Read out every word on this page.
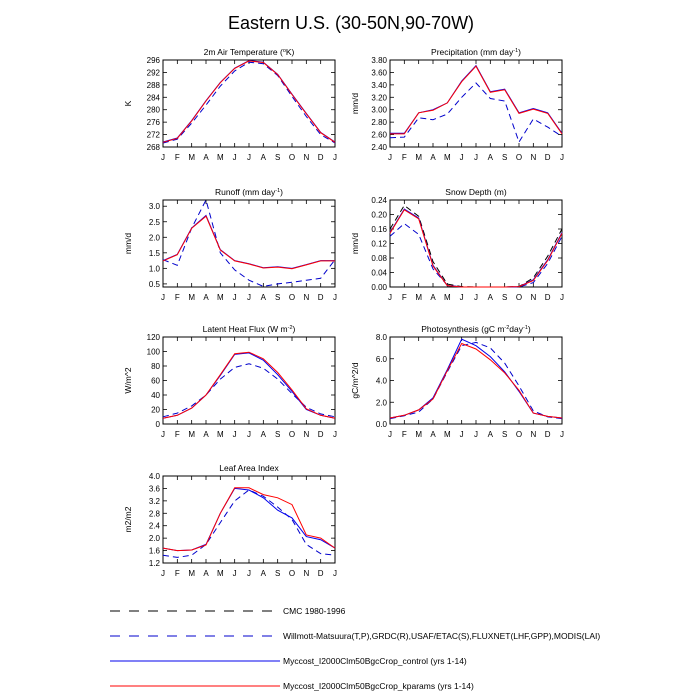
Eastern U.S. (30-50N,90-70W)
2m Air Temperature ($^o$K)
268
272
276
280
284
288
292
296
K
J F M A M J J A S O N D J
Precipitation (mm day$^{-1}$)
2.40
2.60
2.80
3.00
3.20
3.40
3.60
3.80
mm/d
J F M A M J J A S O N D J
Runoff (mm day$^{-1}$)
0.5
1.0
1.5
2.0
2.5
3.0
mm/d
J F M A M J J A S O N D J
Snow Depth (m)
0.00
0.04
0.08
0.12
0.16
0.20
0.24
mm/d
J F M A M J J A S O N D J
Latent Heat Flux (W $m^{-2}$)
0
20
40
60
80
100
120
W/m^2
J F M A M J J A S O N D J
Photosynthesis (gC $m^{-2}day^{-1}$)
0.0
2.0
4.0
6.0
8.0
gC/m^2/d
J F M A M J J A S O N D J
Leaf Area Index
1.2
1.6
2.0
2.4
2.8
3.2
3.6
4.0
m2/m2
J F M A M J J A S O N D J
CMC 1980-1996
Willmott-Matsuura(T,P),GRDC(R),USAF/ETAC(S),FLUXNET(LHF,GPP),MODIS(LAI)
Myccost_I2000Clm50BgcCrop_control (yrs 1-14)
Myccost_I2000Clm50BgcCrop_kparams (yrs 1-14)
